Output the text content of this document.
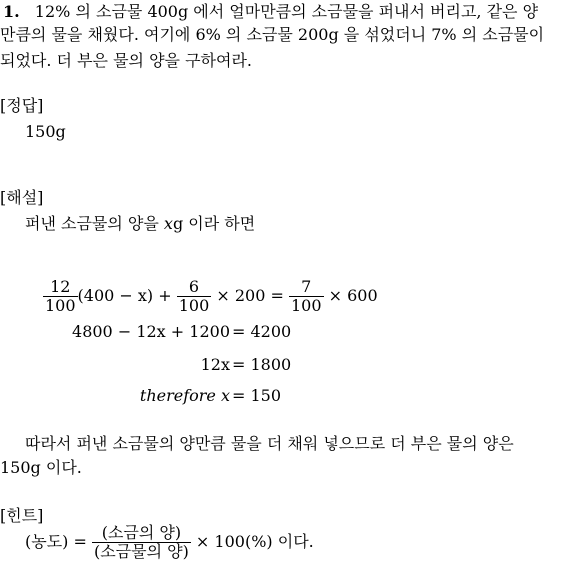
1. 12% 의 소금물 400g 에서 얼마만큼의 소금물을 퍼내서 버리고, 같은 양
만큼의 물을 채웠다. 여기에 6% 의 소금물 200g 을 섞었더니 7% 의 소금물이
되었다. 더 부은 물의 양을 구하여라.
[정답]
150g
[해설]
퍼낸 소금물의 양을 xg 이라 하면
$\frac{12}{100} (400 - x) + \frac{6}{100} \times 200 = \frac{7}{100} \times 600$
4800 − 12x + 1200 = 4200
12x = 1800
therefore x = 150
따라서 퍼낸 소금물의 양만큼 물을 더 채워 넣으므로 더 부은 물의 양은
150g 이다.
[힌트]
(농도) = $\frac{\text{(소금의 양)}}{\text{(소금물의 양)}} \times 100(\%)$ 이다.
